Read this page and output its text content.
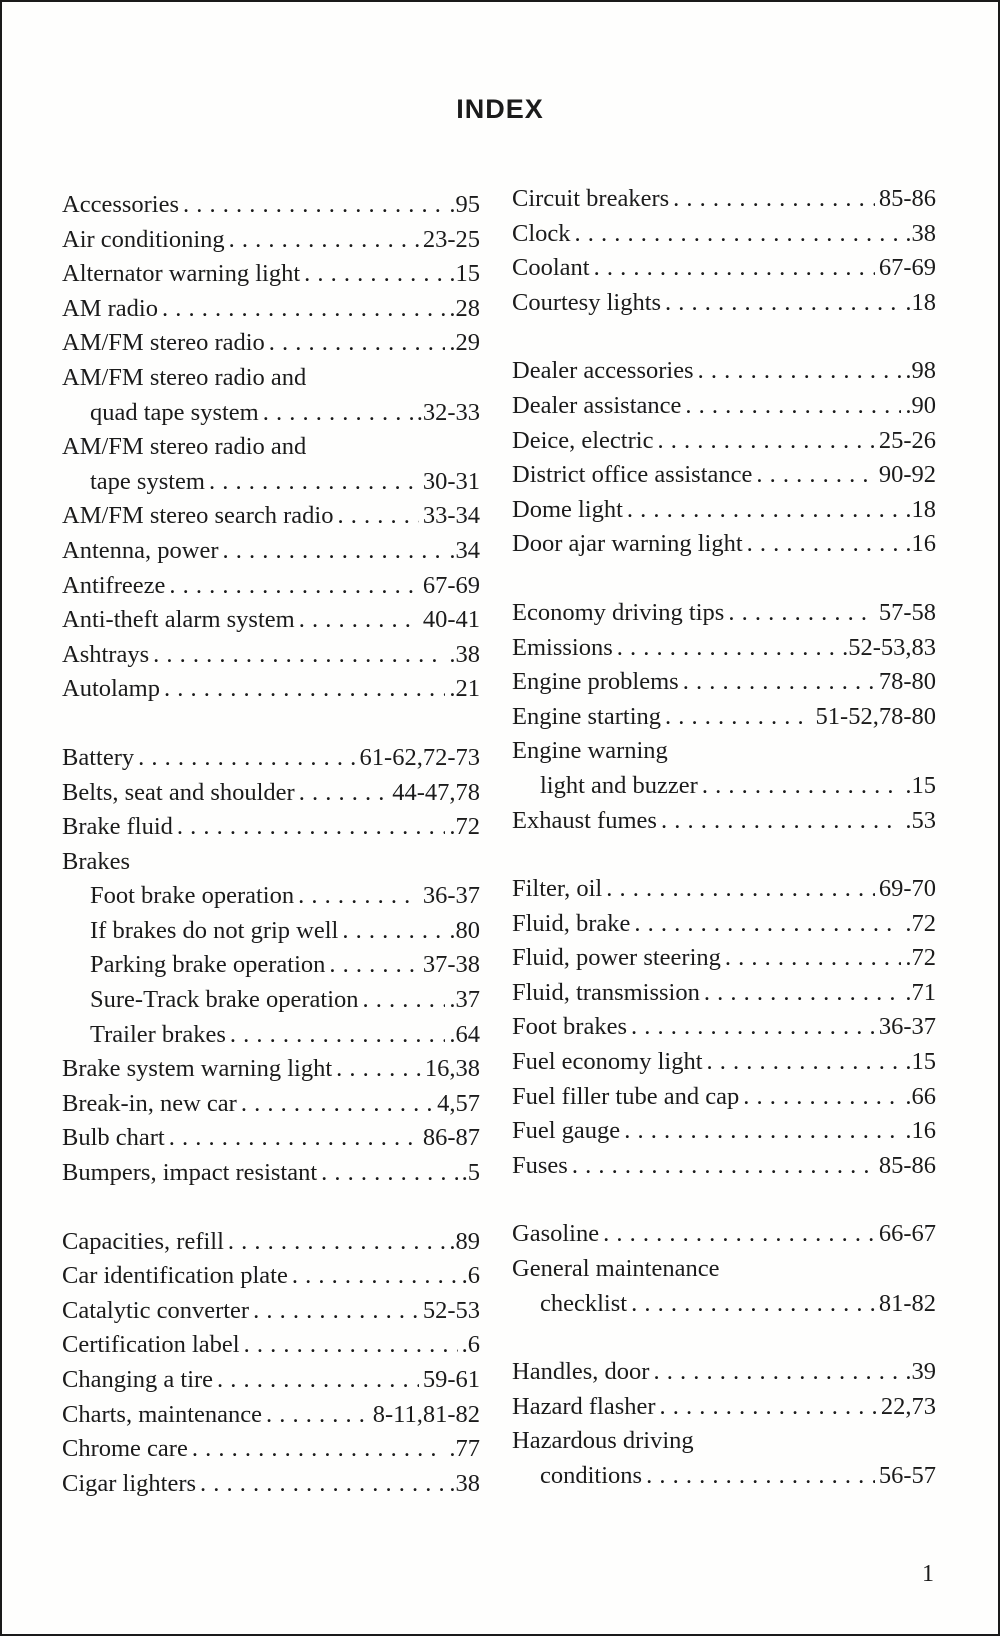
INDEX
Accessories . . .	.95
Air conditioning . . .	23-25
Alternator warning light . . .	.15
AM radio . . .	.28
AM/FM stereo radio . . .	.29
AM/FM stereo radio and
quad tape system . . .	.32-33
AM/FM stereo radio and
tape system . . .	30-31
AM/FM stereo search radio . . .	33-34
Antenna, power . . .	.34
Antifreeze . . .	67-69
Anti-theft alarm system . . .	40-41
Ashtrays . . .	.38
Autolamp . . .	.21
Battery . . .	61-62,72-73
Belts, seat and shoulder . . .	44-47,78
Brake fluid . . .	.72
Brakes
Foot brake operation . . .	36-37
If brakes do not grip well . . .	.80
Parking brake operation . . .	37-38
Sure-Track brake operation . . .	.37
Trailer brakes . . .	.64
Brake system warning light . . .	16,38
Break-in, new car . . .	4,57
Bulb chart . . .	86-87
Bumpers, impact resistant . . .	.5
Capacities, refill . . .	.89
Car identification plate . . .	.6
Catalytic converter . . .	52-53
Certification label . . .	.6
Changing a tire . . .	59-61
Charts, maintenance . . .	8-11,81-82
Chrome care . . .	.77
Cigar lighters . . .	.38
Circuit breakers . . .	85-86
Clock . . .	.38
Coolant . . .	67-69
Courtesy lights . . .	.18
Dealer accessories . . .	.98
Dealer assistance . . .	.90
Deice, electric . . .	25-26
District office assistance . . .	90-92
Dome light . . .	.18
Door ajar warning light . . .	.16
Economy driving tips . . .	57-58
Emissions . . .	.52-53,83
Engine problems . . .	78-80
Engine starting . . .	51-52,78-80
Engine warning
light and buzzer . . .	.15
Exhaust fumes . . .	.53
Filter, oil . . .	69-70
Fluid, brake . . .	.72
Fluid, power steering . . .	.72
Fluid, transmission . . .	.71
Foot brakes . . .	36-37
Fuel economy light . . .	.15
Fuel filler tube and cap . . .	.66
Fuel gauge . . .	.16
Fuses . . .	85-86
Gasoline . . .	66-67
General maintenance
checklist . . .	81-82
Handles, door . . .	.39
Hazard flasher . . .	22,73
Hazardous driving
conditions . . .	56-57
1
